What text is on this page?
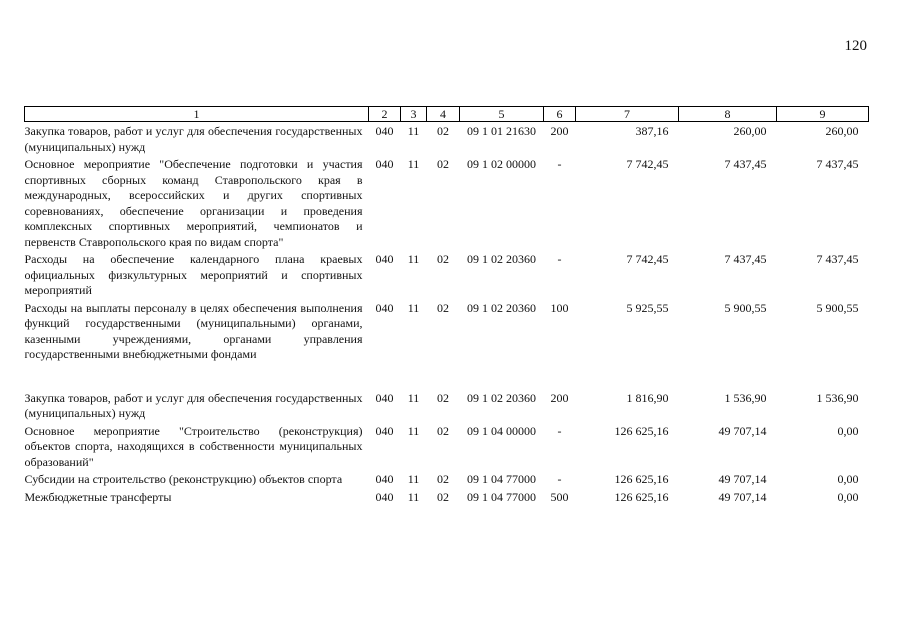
120
1	2	3	4	5	6	7	8	9
Закупка товаров, работ и услуг для обеспечения государственных (муниципальных) нужд	040	11	02	09 1 01 21630	200	387,16	260,00	260,00
Основное мероприятие "Обеспечение подготовки и участия спортивных сборных команд Ставропольского края в международных, всероссийских и других спортивных соревнованиях, обеспечение организации и проведения комплексных спортивных мероприятий, чемпионатов и первенств Ставропольского края по видам спорта"	040	11	02	09 1 02 00000	-	7 742,45	7 437,45	7 437,45
Расходы на обеспечение календарного плана краевых официальных физкультурных мероприятий и спортивных мероприятий	040	11	02	09 1 02 20360	-	7 742,45	7 437,45	7 437,45
Расходы на выплаты персоналу в целях обеспечения выполнения функций государственными (муниципальными) органами, казенными учреждениями, органами управления государственными внебюджетными фондами	040	11	02	09 1 02 20360	100	5 925,55	5 900,55	5 900,55

Закупка товаров, работ и услуг для обеспечения государственных (муниципальных) нужд	040	11	02	09 1 02 20360	200	1 816,90	1 536,90	1 536,90
Основное мероприятие "Строительство (реконструкция) объектов спорта, находящихся в собственности муниципальных образований"	040	11	02	09 1 04 00000	-	126 625,16	49 707,14	0,00
Субсидии на строительство (реконструкцию) объектов спорта	040	11	02	09 1 04 77000	-	126 625,16	49 707,14	0,00
Межбюджетные трансферты	040	11	02	09 1 04 77000	500	126 625,16	49 707,14	0,00
